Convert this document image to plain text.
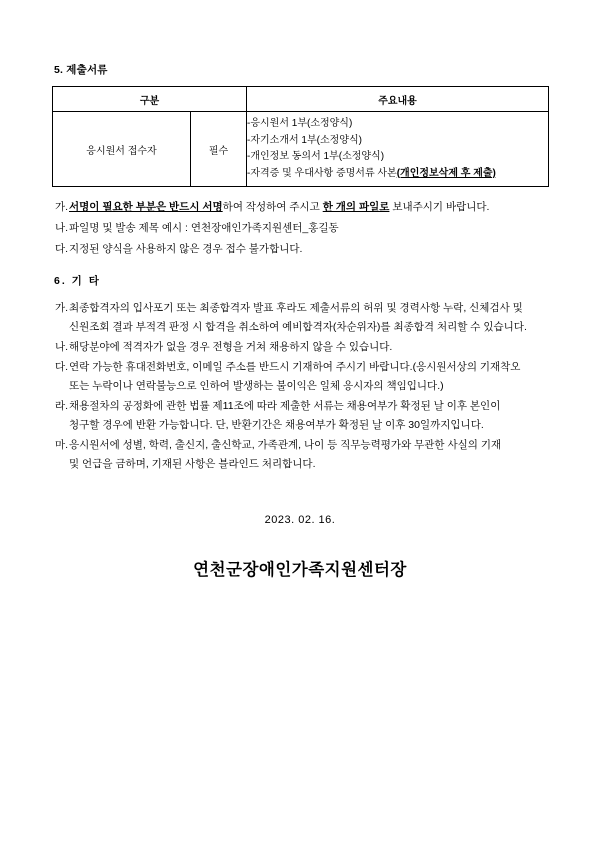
5. 제출서류
구분		주요내용
응시원서 접수자	필수	-응시원서 1부(소정양식)
-자기소개서 1부(소정양식)
-개인정보 동의서 1부(소정양식)
-자격증 및 우대사항 증명서류 사본(개인정보삭제 후 제출)
가. 서명이 필요한 부분은 반드시 서명하여 작성하여 주시고 한 개의 파일로 보내주시기 바랍니다.
나. 파일명 및 발송 제목 예시 : 연천장애인가족지원센터_홍길동
다. 지정된 양식을 사용하지 않은 경우 접수 불가합니다.
6. 기 타
가. 최종합격자의 입사포기 또는 최종합격자 발표 후라도 제출서류의 허위 및 경력사항 누락, 신체검사 및
신원조회 결과 부적격 판정 시 합격을 취소하여 예비합격자(차순위자)를 최종합격 처리할 수 있습니다.
나. 해당분야에 적격자가 없을 경우 전형을 거쳐 채용하지 않을 수 있습니다.
다. 연락 가능한 휴대전화번호, 이메일 주소를 반드시 기재하여 주시기 바랍니다.(응시원서상의 기재착오
또는 누락이나 연락불능으로 인하여 발생하는 불이익은 일체 응시자의 책임입니다.)
라. 채용절차의 공정화에 관한 법률 제11조에 따라 제출한 서류는 채용여부가 확정된 날 이후 본인이
청구할 경우에 반환 가능합니다. 단, 반환기간은 채용여부가 확정된 날 이후 30일까지입니다.
마. 응시원서에 성별, 학력, 출신지, 출신학교, 가족관계, 나이 등 직무능력평가와 무관한 사실의 기재
및 언급을 금하며, 기재된 사항은 블라인드 처리합니다.
2023. 02. 16.
연천군장애인가족지원센터장
